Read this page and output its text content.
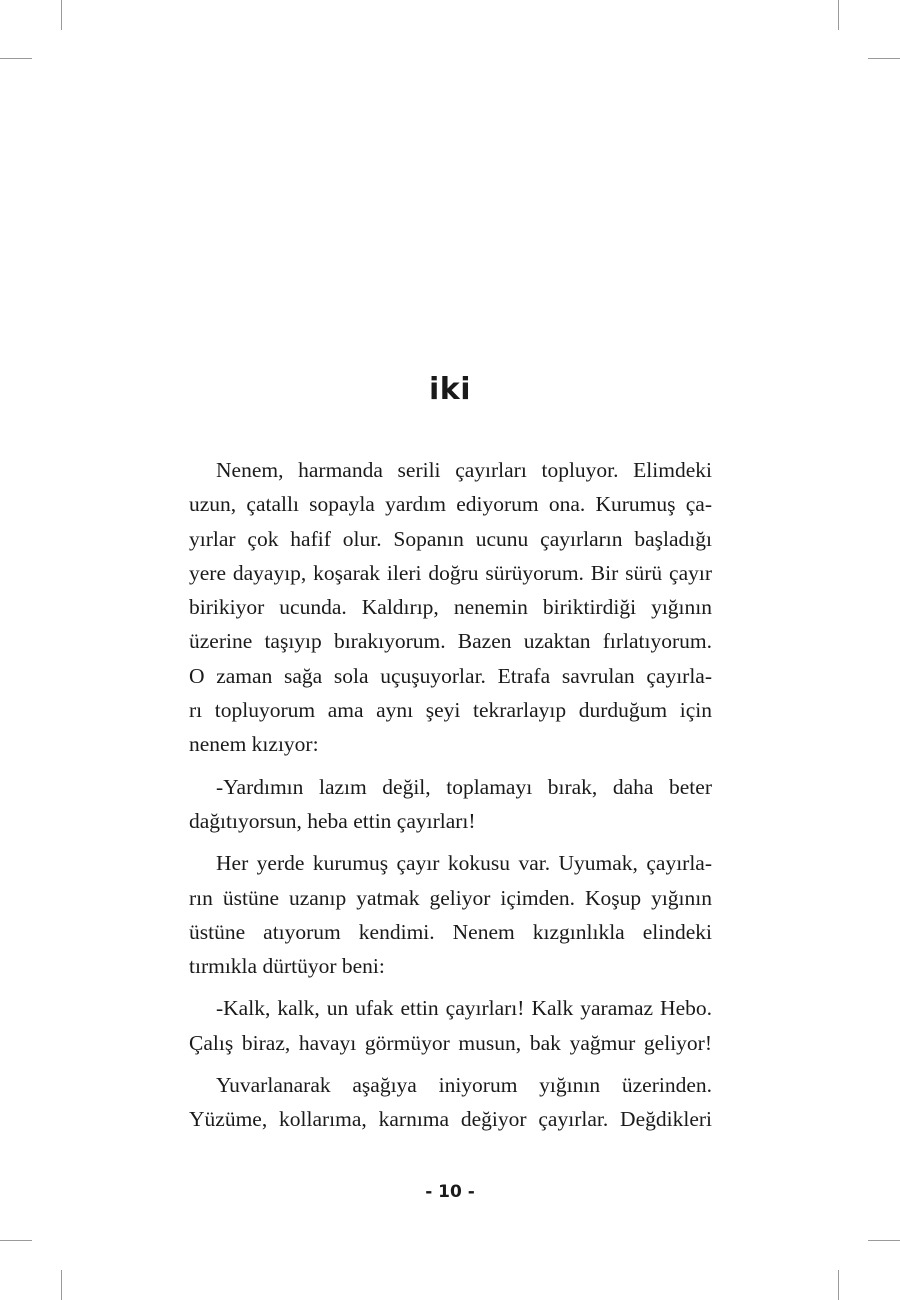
iki
Nenem, harmanda serili çayırları topluyor. Elimdeki
uzun, çatallı sopayla yardım ediyorum ona. Kurumuş ça-
yırlar çok hafif olur. Sopanın ucunu çayırların başladığı
yere dayayıp, koşarak ileri doğru sürüyorum. Bir sürü çayır
birikiyor ucunda. Kaldırıp, nenemin biriktirdiği yığının
üzerine taşıyıp bırakıyorum. Bazen uzaktan fırlatıyorum.
O zaman sağa sola uçuşuyorlar. Etrafa savrulan çayırla-
rı topluyorum ama aynı şeyi tekrarlayıp durduğum için
nenem kızıyor:
-Yardımın lazım değil, toplamayı bırak, daha beter
dağıtıyorsun, heba ettin çayırları!
Her yerde kurumuş çayır kokusu var. Uyumak, çayırla-
rın üstüne uzanıp yatmak geliyor içimden. Koşup yığının
üstüne atıyorum kendimi. Nenem kızgınlıkla elindeki
tırmıkla dürtüyor beni:
-Kalk, kalk, un ufak ettin çayırları! Kalk yaramaz Hebo.
Çalış biraz, havayı görmüyor musun, bak yağmur geliyor!
Yuvarlanarak aşağıya iniyorum yığının üzerinden.
Yüzüme, kollarıma, karnıma değiyor çayırlar. Değdikleri
- 10 -
